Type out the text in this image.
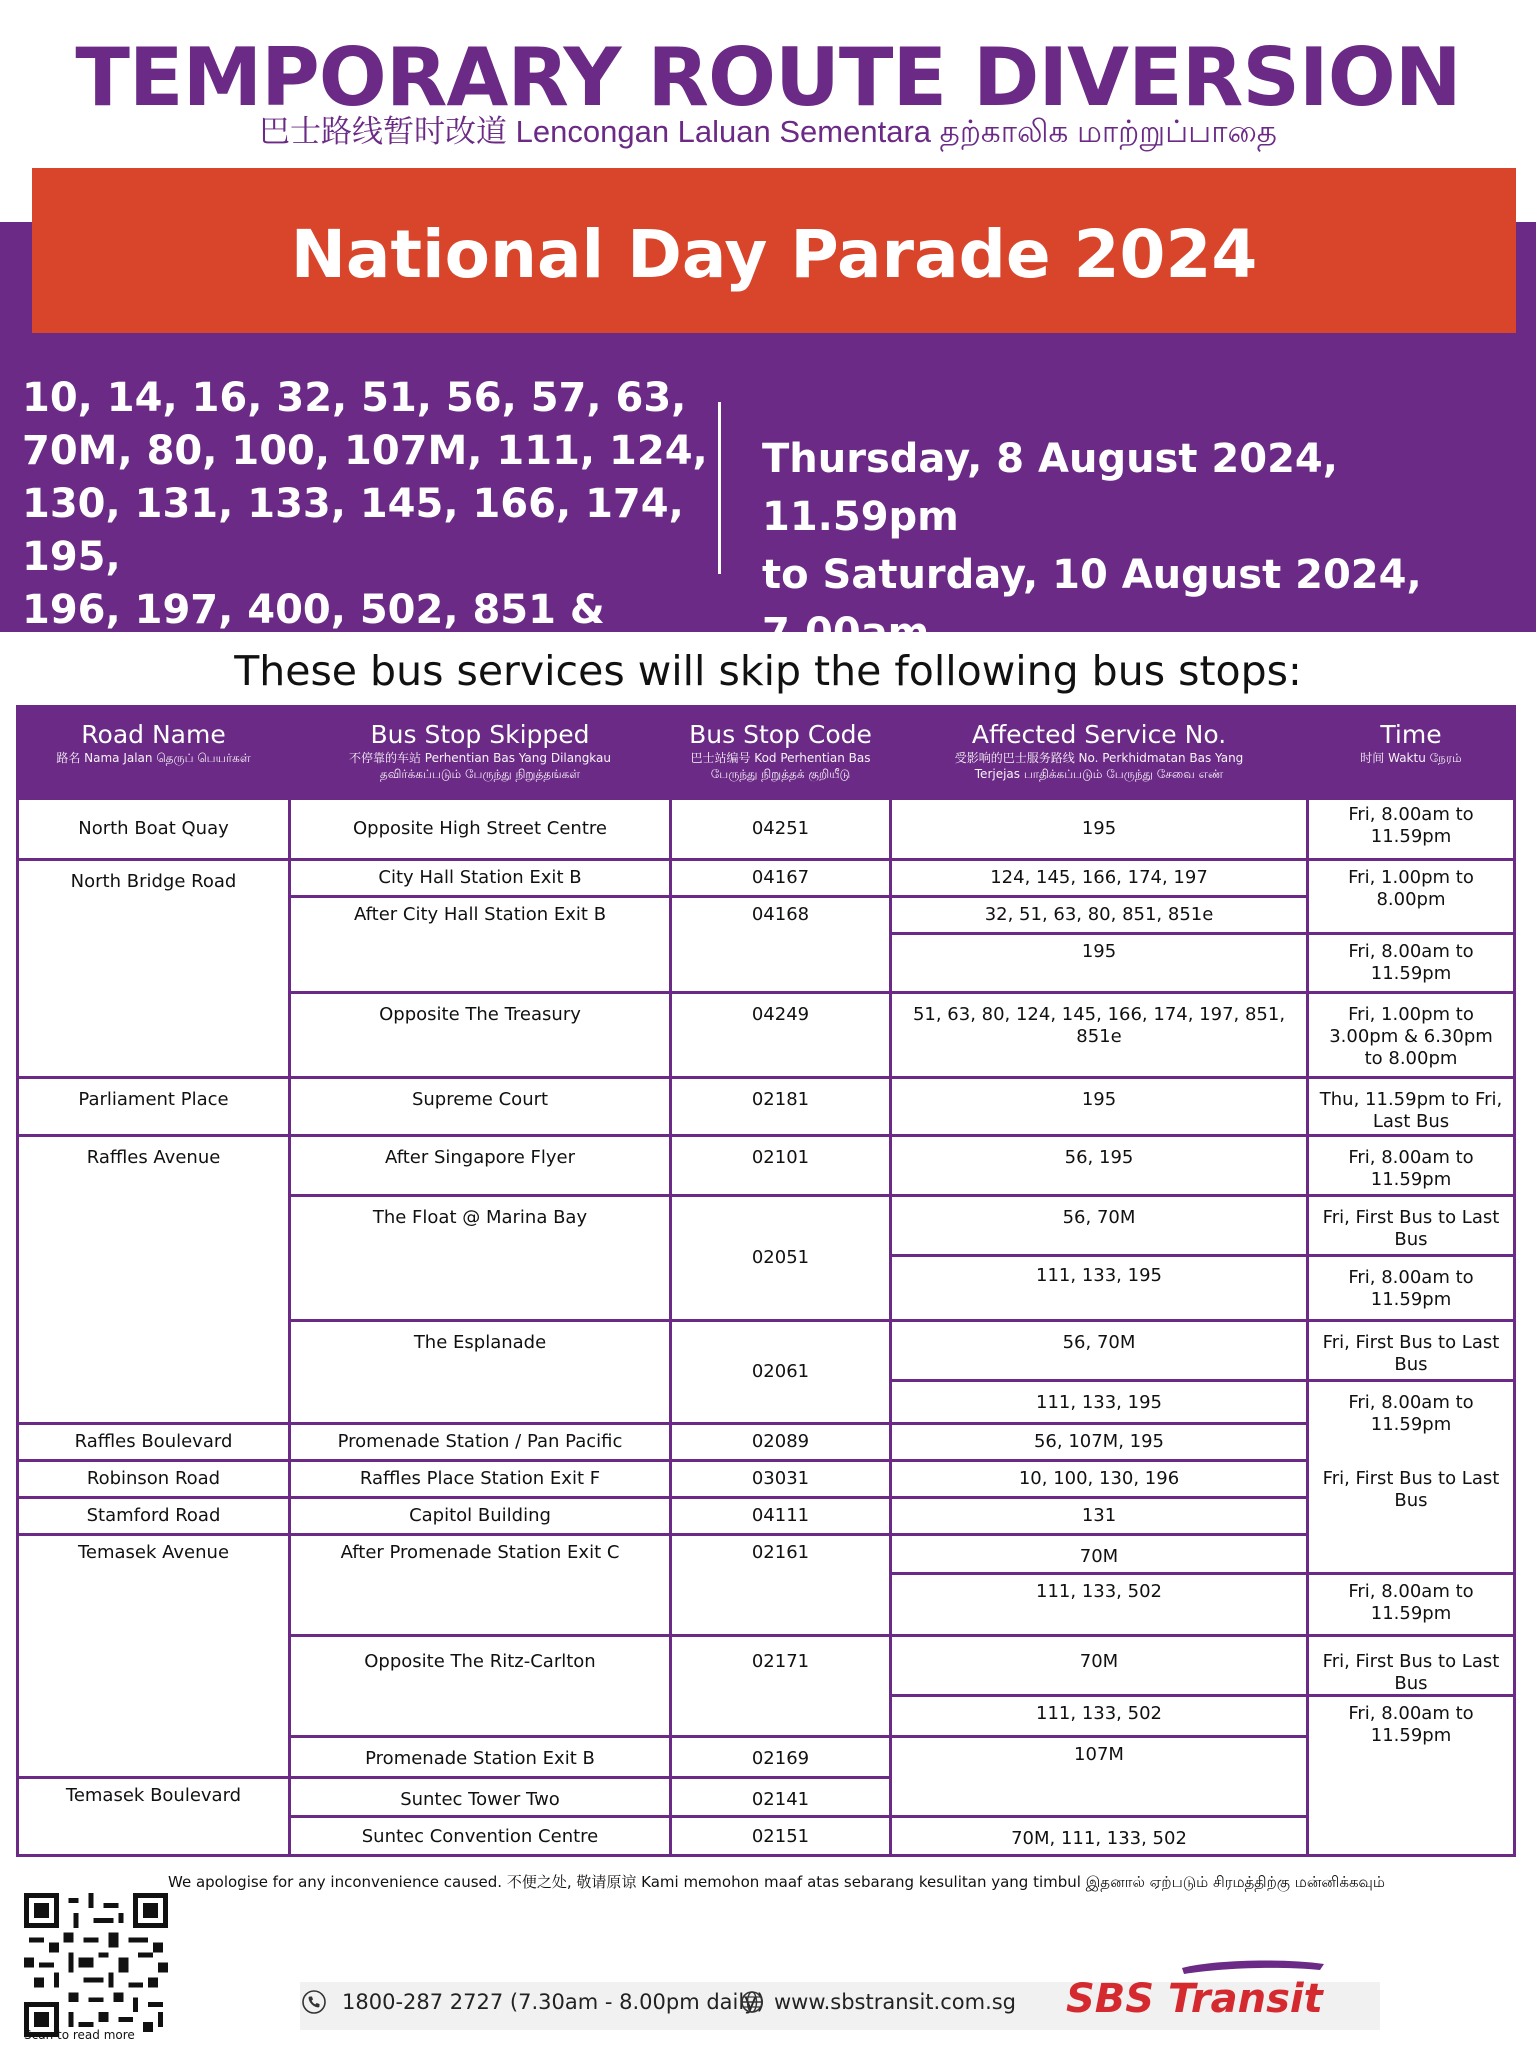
TEMPORARY ROUTE DIVERSION
巴士路线暂时改道 Lencongan Laluan Sementara தற்காலிக மாற்றுப்பாதை
National Day Parade 2024
10, 14, 16, 32, 51, 56, 57, 63,
70M, 80, 100, 107M, 111, 124,
130, 131, 133, 145, 166, 174, 195,
196, 197, 400, 502, 851 & 851e
Thursday, 8 August 2024, 11.59pm
to Saturday, 10 August 2024, 7.00am
These bus services will skip the following bus stops:
Road Name
路名 Nama Jalan தெருப் பெயர்கள்
Bus Stop Skipped
不停靠的车站 Perhentian Bas Yang Dilangkau
தவிர்க்கப்படும் பேருந்து நிறுத்தங்கள்
Bus Stop Code
巴士站编号 Kod Perhentian Bas
பேருந்து நிறுத்தக் குறியீடு
Affected Service No.
受影响的巴士服务路线 No. Perkhidmatan Bas Yang
Terjejas பாதிக்கப்படும் பேருந்து சேவை எண்
Time
时间 Waktu நேரம்
North Boat Quay
North Bridge Road
Parliament Place
Raffles Avenue
Raffles Boulevard
Robinson Road
Stamford Road
Temasek Avenue
Temasek Boulevard
Opposite High Street Centre
City Hall Station Exit B
After City Hall Station Exit B
Opposite The Treasury
Supreme Court
After Singapore Flyer
The Float @ Marina Bay
The Esplanade
Promenade Station / Pan Pacific
Raffles Place Station Exit F
Capitol Building
After Promenade Station Exit C
Opposite The Ritz-Carlton
Promenade Station Exit B
Suntec Tower Two
Suntec Convention Centre
04251
04167
04168
04249
02181
02101
02051
02061
02089
03031
04111
02161
02171
02169
02141
02151
195
124, 145, 166, 174, 197
32, 51, 63, 80, 851, 851e
195
51, 63, 80, 124, 145, 166, 174, 197, 851, 851e
195
56, 195
56, 70M
111, 133, 195
56, 70M
111, 133, 195
56, 107M, 195
10, 100, 130, 196
131
70M
111, 133, 502
70M
111, 133, 502
107M
70M, 111, 133, 502
Fri, 8.00am to 11.59pm
Fri, 1.00pm to 8.00pm
Fri, 8.00am to 11.59pm
Fri, 1.00pm to 3.00pm & 6.30pm to 8.00pm
Thu, 11.59pm to Fri, Last Bus
Fri, 8.00am to 11.59pm
Fri, First Bus to Last Bus
Fri, 8.00am to 11.59pm
Fri, First Bus to Last Bus
Fri, 8.00am to 11.59pm
Fri, First Bus to Last Bus
Fri, 8.00am to 11.59pm
Fri, First Bus to Last Bus
Fri, 8.00am to 11.59pm
We apologise for any inconvenience caused. 不便之处, 敬请原谅 Kami memohon maaf atas sebarang kesulitan yang timbul இதனால் ஏற்படும் சிரமத்திற்கு மன்னிக்கவும்
Scan to read more
1800-287 2727 (7.30am - 8.00pm daily) www.sbstransit.com.sg SBS Transit
